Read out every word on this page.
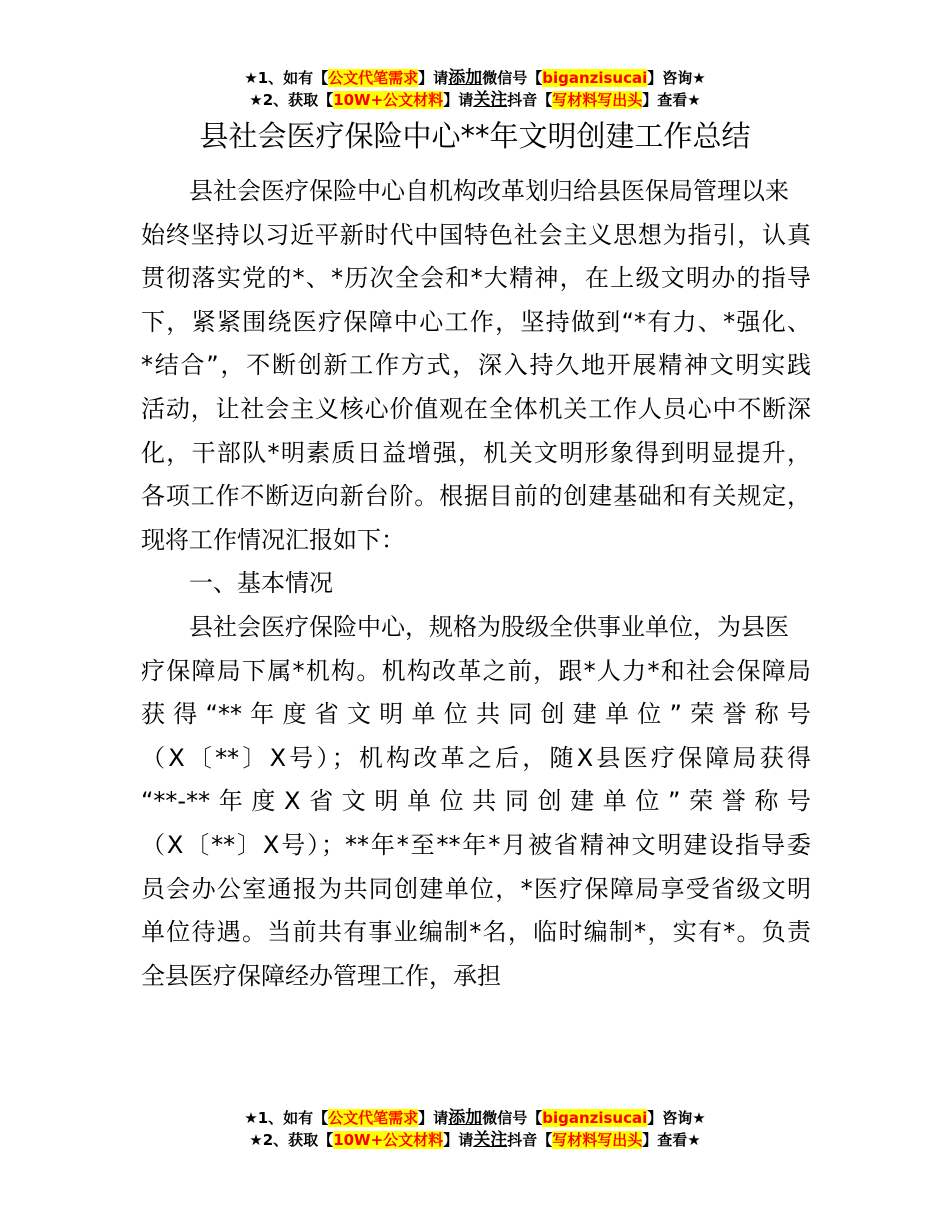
★1、如有【公文代笔需求】请添加微信号【biganzisucai】咨询★
★2、获取【10W+公文材料】请关注抖音【写材料写出头】查看★
县社会医疗保险中心**年文明创建工作总结
县社会医疗保险中心自机构改革划归给县医保局管理以来
始终坚持以习近平新时代中国特色社会主义思想为指引，认真
贯彻落实党的*、*历次全会和*大精神，在上级文明办的指导
下，紧紧围绕医疗保障中心工作，坚持做到“*有力、*强化、
*结合”，不断创新工作方式，深入持久地开展精神文明实践
活动，让社会主义核心价值观在全体机关工作人员心中不断深
化，干部队*明素质日益增强，机关文明形象得到明显提升，
各项工作不断迈向新台阶。根据目前的创建基础和有关规定，
现将工作情况汇报如下：
一、基本情况
县社会医疗保险中心，规格为股级全供事业单位，为县医
疗保障局下属*机构。机构改革之前，跟*人力*和社会保障局
获得“**年度省文明单位共同创建单位”荣誉称号
（X〔**〕X号）；机构改革之后，随X县医疗保障局获得
“**-**年度X省文明单位共同创建单位”荣誉称号
（X〔**〕X号）；**年*至**年*月被省精神文明建设指导委
员会办公室通报为共同创建单位，*医疗保障局享受省级文明
单位待遇。当前共有事业编制*名，临时编制*，实有*。负责
全县医疗保障经办管理工作，承担
★1、如有【公文代笔需求】请添加微信号【biganzisucai】咨询★
★2、获取【10W+公文材料】请关注抖音【写材料写出头】查看★
